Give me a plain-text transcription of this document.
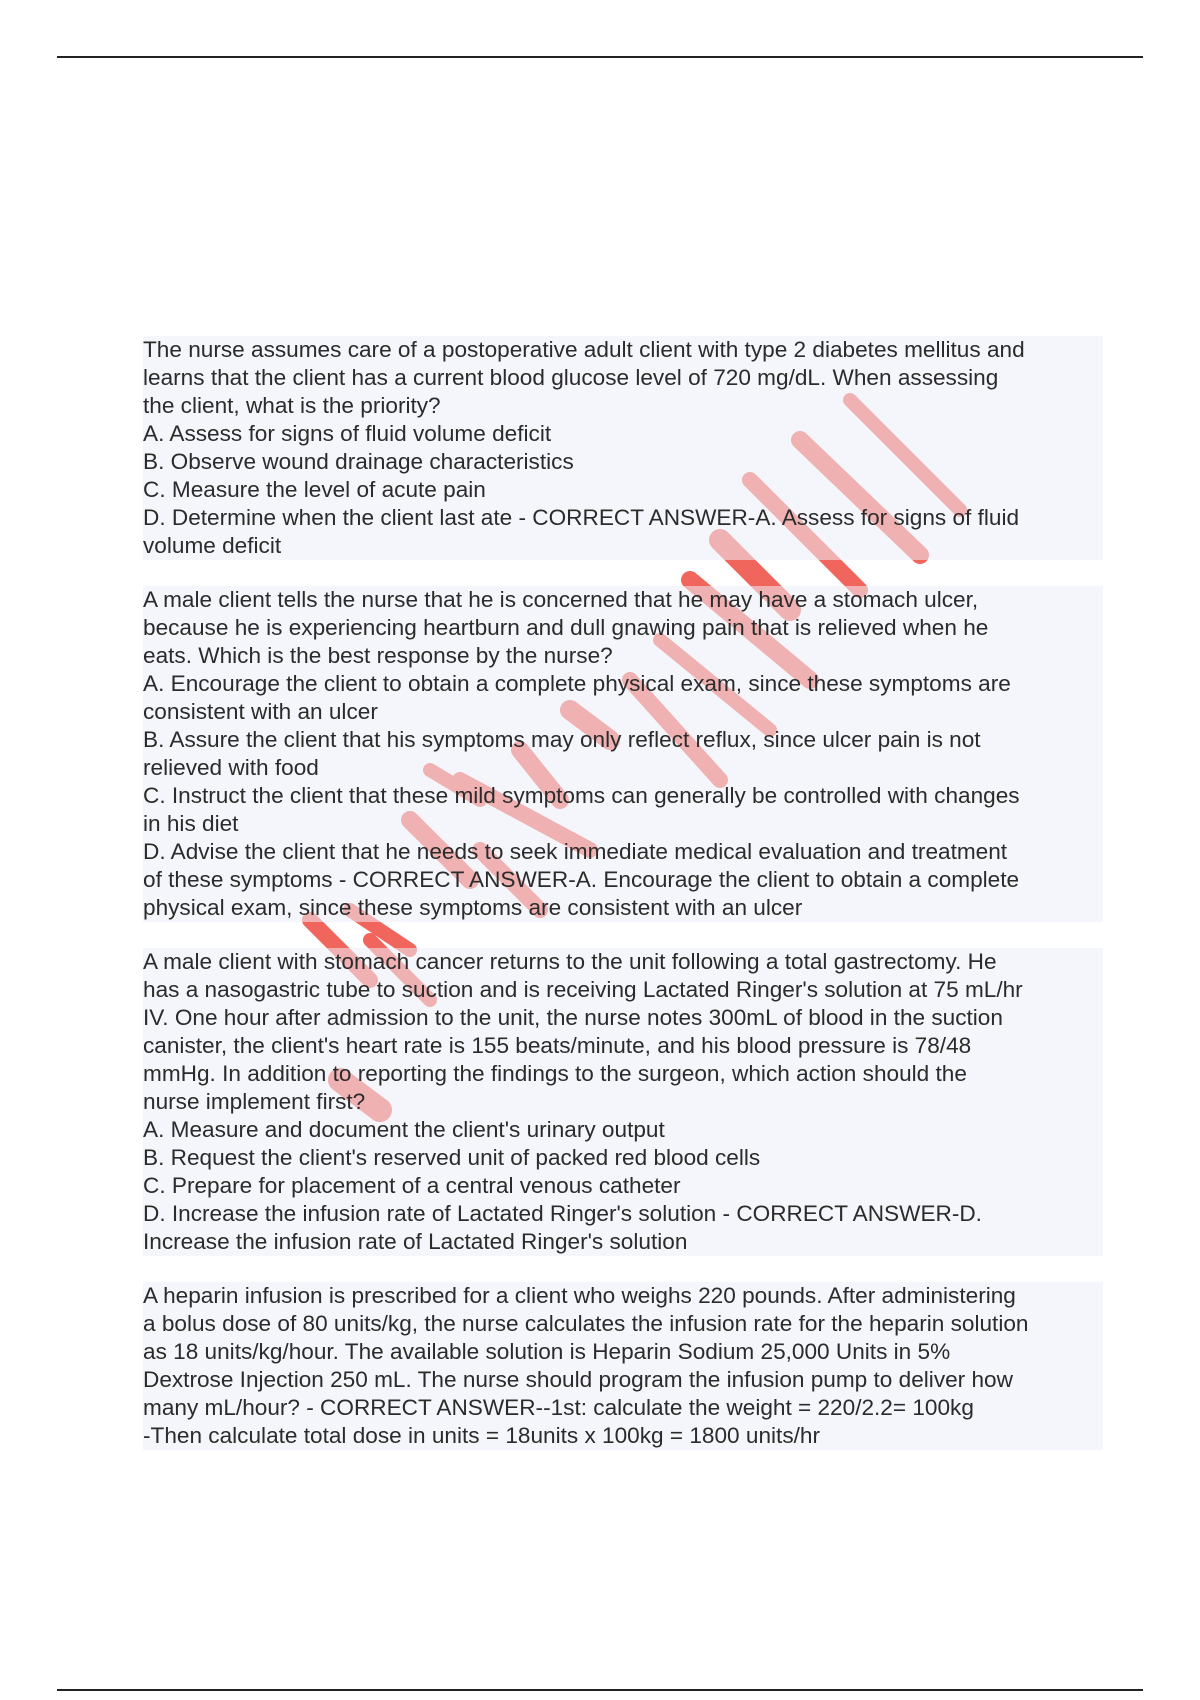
The nurse assumes care of a postoperative adult client with type 2 diabetes mellitus and
learns that the client has a current blood glucose level of 720 mg/dL. When assessing
the client, what is the priority?
A. Assess for signs of fluid volume deficit
B. Observe wound drainage characteristics
C. Measure the level of acute pain
D. Determine when the client last ate - CORRECT ANSWER-A. Assess for signs of fluid
volume deficit
A male client tells the nurse that he is concerned that he may have a stomach ulcer,
because he is experiencing heartburn and dull gnawing pain that is relieved when he
eats. Which is the best response by the nurse?
A. Encourage the client to obtain a complete physical exam, since these symptoms are
consistent with an ulcer
B. Assure the client that his symptoms may only reflect reflux, since ulcer pain is not
relieved with food
C. Instruct the client that these mild symptoms can generally be controlled with changes
in his diet
D. Advise the client that he needs to seek immediate medical evaluation and treatment
of these symptoms - CORRECT ANSWER-A. Encourage the client to obtain a complete
physical exam, since these symptoms are consistent with an ulcer
A male client with stomach cancer returns to the unit following a total gastrectomy. He
has a nasogastric tube to suction and is receiving Lactated Ringer's solution at 75 mL/hr
IV. One hour after admission to the unit, the nurse notes 300mL of blood in the suction
canister, the client's heart rate is 155 beats/minute, and his blood pressure is 78/48
mmHg. In addition to reporting the findings to the surgeon, which action should the
nurse implement first?
A. Measure and document the client's urinary output
B. Request the client's reserved unit of packed red blood cells
C. Prepare for placement of a central venous catheter
D. Increase the infusion rate of Lactated Ringer's solution - CORRECT ANSWER-D.
Increase the infusion rate of Lactated Ringer's solution
A heparin infusion is prescribed for a client who weighs 220 pounds. After administering
a bolus dose of 80 units/kg, the nurse calculates the infusion rate for the heparin solution
as 18 units/kg/hour. The available solution is Heparin Sodium 25,000 Units in 5%
Dextrose Injection 250 mL. The nurse should program the infusion pump to deliver how
many mL/hour? - CORRECT ANSWER--1st: calculate the weight = 220/2.2= 100kg
-Then calculate total dose in units = 18units x 100kg = 1800 units/hr
